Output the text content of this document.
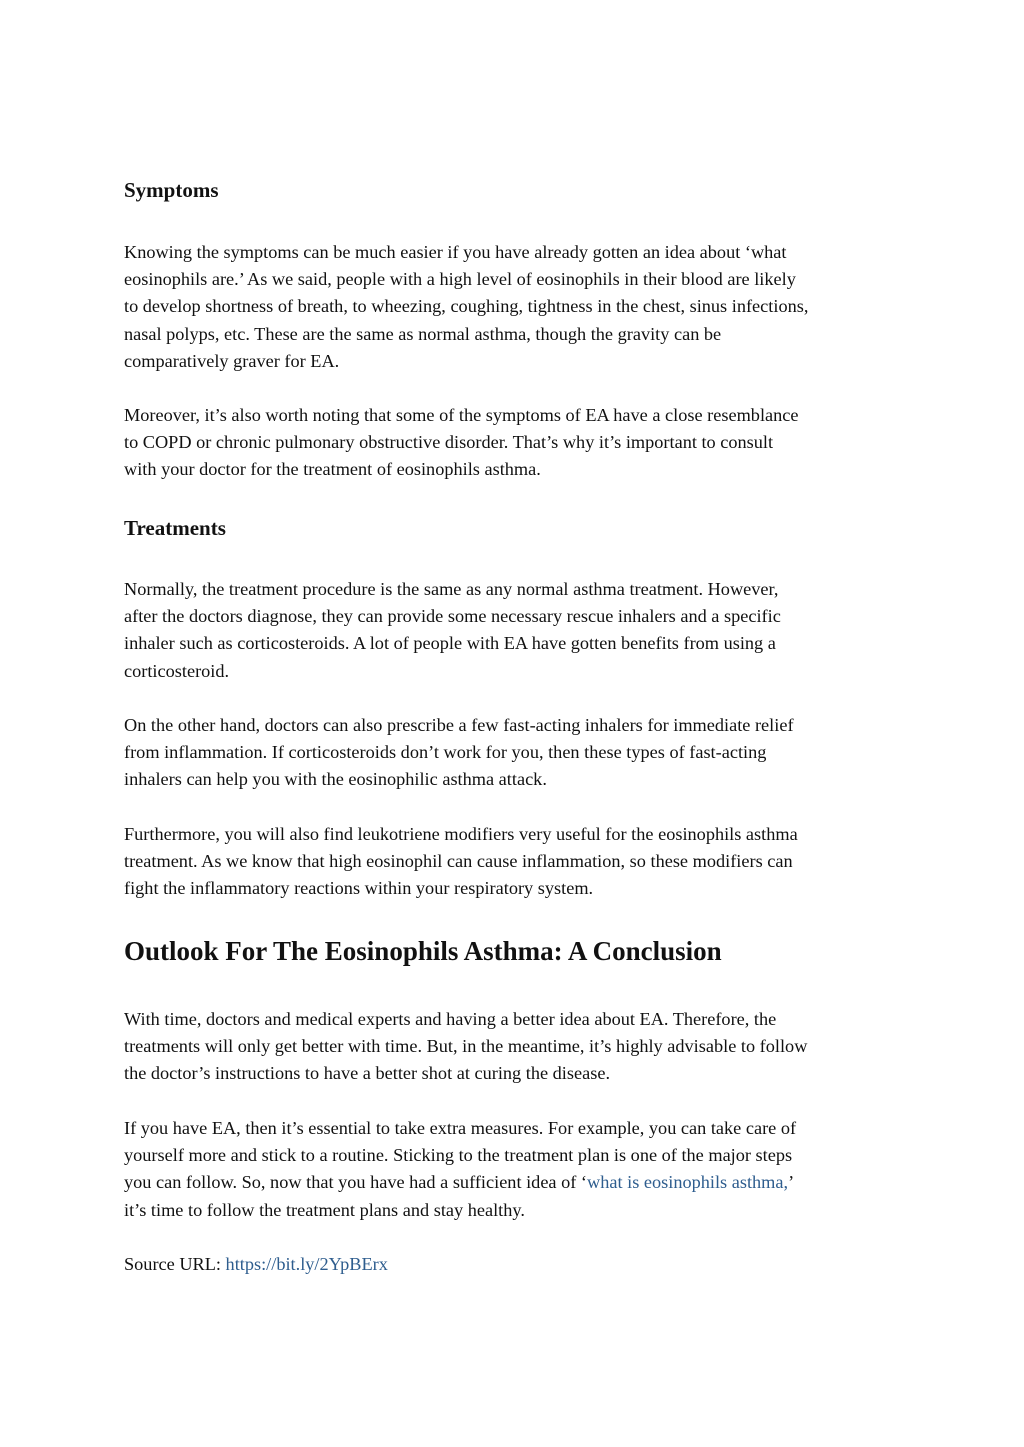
Symptoms

Knowing the symptoms can be much easier if you have already gotten an idea about ‘what
eosinophils are.’ As we said, people with a high level of eosinophils in their blood are likely
to develop shortness of breath, to wheezing, coughing, tightness in the chest, sinus infections,
nasal polyps, etc. These are the same as normal asthma, though the gravity can be
comparatively graver for EA.

Moreover, it’s also worth noting that some of the symptoms of EA have a close resemblance
to COPD or chronic pulmonary obstructive disorder. That’s why it’s important to consult
with your doctor for the treatment of eosinophils asthma.

Treatments

Normally, the treatment procedure is the same as any normal asthma treatment. However,
after the doctors diagnose, they can provide some necessary rescue inhalers and a specific
inhaler such as corticosteroids. A lot of people with EA have gotten benefits from using a
corticosteroid.

On the other hand, doctors can also prescribe a few fast-acting inhalers for immediate relief
from inflammation. If corticosteroids don’t work for you, then these types of fast-acting
inhalers can help you with the eosinophilic asthma attack.

Furthermore, you will also find leukotriene modifiers very useful for the eosinophils asthma
treatment. As we know that high eosinophil can cause inflammation, so these modifiers can
fight the inflammatory reactions within your respiratory system.

Outlook For The Eosinophils Asthma: A Conclusion

With time, doctors and medical experts and having a better idea about EA. Therefore, the
treatments will only get better with time. But, in the meantime, it’s highly advisable to follow
the doctor’s instructions to have a better shot at curing the disease.

If you have EA, then it’s essential to take extra measures. For example, you can take care of
yourself more and stick to a routine. Sticking to the treatment plan is one of the major steps
you can follow. So, now that you have had a sufficient idea of ‘what is eosinophils asthma,’
it’s time to follow the treatment plans and stay healthy.

Source URL: https://bit.ly/2YpBErx
